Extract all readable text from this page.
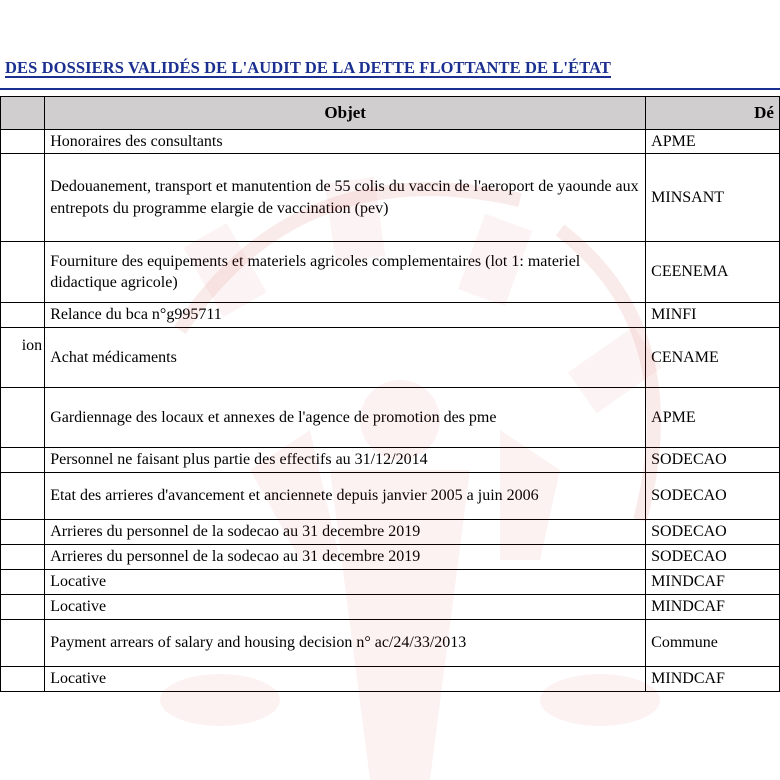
DES DOSSIERS VALIDÉS DE L'AUDIT DE LA DETTE FLOTTANTE DE L'ÉTAT
	Objet	Dé
	Honoraires des consultants	APME
	Dedouanement, transport et manutention de 55 colis du vaccin de l'aeroport de yaounde aux entrepots du programme elargie de vaccination (pev)	MINSANT
	Fourniture des equipements et materiels agricoles complementaires (lot 1: materiel didactique agricole)	CEENEMA
	Relance du bca n°g995711	MINFI
ion	Achat médicaments	CENAME
	Gardiennage des locaux et annexes de l'agence de promotion des pme	APME
	Personnel ne faisant plus partie des effectifs au 31/12/2014	SODECAO
	Etat des arrieres d'avancement et anciennete depuis janvier 2005 a juin 2006	SODECAO
	Arrieres du personnel de la sodecao au 31 decembre 2019	SODECAO
	Arrieres du personnel de la sodecao au 31 decembre 2019	SODECAO
	Locative	MINDCAF
	Locative	MINDCAF
	Payment arrears of salary and housing decision n° ac/24/33/2013	Commune
	Locative	MINDCAF
